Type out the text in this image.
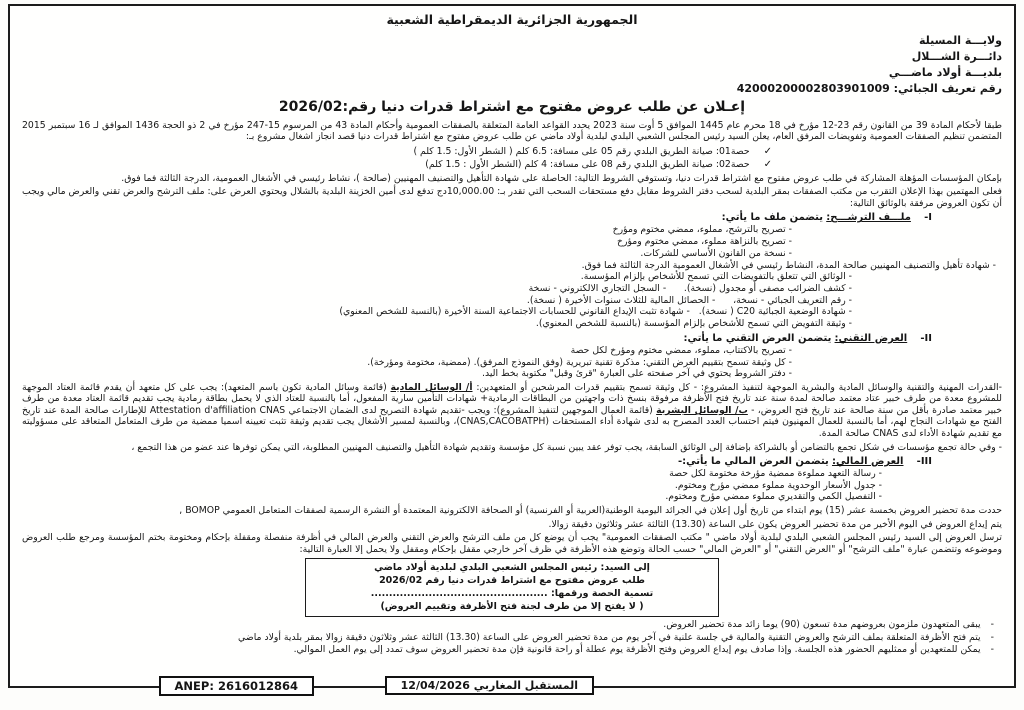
الجمهورية الجزائرية الديمقراطية الشعبية
ولايـــة المسيلة
دائـــرة الشـــلال
بلديـــة أولاد ماضـــي
رقم تعريف الجبائي: 42000200002803901009
إعـلان عن طلب عروض مفتوح مع اشتراط قدرات دنيا رقم:2026/02

طبقا لأحكام المادة 39 من القانون رقم 23-12 مؤرخ في 18 محرم عام 1445 الموافق 5 أوت سنة 2023 يحدد القواعد العامة المتعلقة بالصفقات العمومية وأحكام المادة 43 من المرسوم 15-247 مؤرخ في 2 ذو الحجة 1436 الموافق لـ 16 سبتمبر 2015 المتضمن تنظيم الصفقات العمومية وتفويضات المرفق العام، يعلن السيد رئيس المجلس الشعبي البلدي لبلدية أولاد ماضي عن طلب عروض مفتوح مع اشتراط قدرات دنيا قصد انجاز اشغال مشروع بـ:

✓حصة01: صيانة الطريق البلدي رقم 05 على مسافة: 6.5 كلم ( الشطر الأول: 1.5 كلم )
✓حصة02: صيانة الطريق البلدي رقم 08 على مسافة: 4 كلم (الشطر الأول : 1.5 كلم)

بإمكان المؤسسات المؤهلة المشاركة في طلب عروض مفتوح مع اشتراط قدرات دنيا، وتستوفي الشروط التالية: الحاصلة على شهادة التأهيل والتصنيف المهنيين (صالحة )، نشاط رئيسي في الأشغال العمومية، الدرجة الثالثة فما فوق.

فعلى المهتمين بهذا الإعلان التقرب من مكتب الصفقات بمقر البلدية لسحب دفتر الشروط مقابل دفع مستحقات السحب التي تقدر بـ: 10,000.00دج تدفع لدى أمين الخزينة البلدية بالشلال ويحتوي العرض على: ملف الترشح والعرض تقني والعرض مالي ويجب أن تكون العروض مرفقة بالوثائق التالية:

I- ملـــف الترشـــح: يتضمن ملف ما يأتي:
- تصريح بالترشح، مملوء، ممضي مختوم ومؤرخ
- تصريح بالنزاهة مملوء، ممضي مختوم ومؤرخ
- نسخة من القانون الأساسي للشركات.
- شهادة تأهيل والتصنيف المهنيين صالحة المدة، النشاط رئيسي في الأشغال العمومية الدرجة الثالثة فما فوق.
- الوثائق التي تتعلق بالتفويضات التي تسمح للأشخاص بإلزام المؤسسة.
- كشف الضرائب مصفى أو مجدول (نسخة).      - السجل التجاري الالكتروني - نسخة
- رقم التعريف الجبائي - نسخة،      - الحصائل المالية للثلاث سنوات الأخيرة ( نسخة).
- شهادة الوضعية الجبائية C20 ( نسخة).   - شهادة تثبت الإيداع القانوني للحسابات الاجتماعية السنة الأخيرة (بالنسبة للشخص المعنوي)
- وثيقة التفويض التي تسمح للأشخاص بإلزام المؤسسة (بالنسبة للشخص المعنوي).
II- العرض التقني: يتضمن العرض التقني ما يأتي:
- تصريح بالاكتتاب، مملوء، ممضي مختوم ومؤرخ لكل حصة
- كل وثيقة تسمح بتقييم العرض التقني: مذكرة تقنية تبريرية (وفق النموذج المرفق). (ممضية، مختومة ومؤرخة).
- دفتر الشروط يحتوي في آخر صفحته على العبارة "قرئ وقبل" مكتوبة بخط اليد.

-القدرات المهنية والتقنية والوسائل المادية والبشرية الموجهة لتنفيذ المشروع: - كل وثيقة تسمح بتقييم قدرات المرشحين أو المتعهدين: أ/ الوسائل المادية (قائمة وسائل المادية تكون باسم المتعهد): يجب على كل متعهد أن يقدم قائمة العتاد الموجهة للمشروع معدة من طرف خبير عتاد معتمد صالحة لمدة سنة عند تاريخ فتح الأظرفة مرفوقة بنسخ ذات واجهتين من البطاقات الرمادية+ شهادات التأمين سارية المفعول، أما بالنسبة للعتاد الذي لا يحمل بطاقة رمادية يجب تقديم قائمة العتاد معدة من طرف خبير معتمد صادرة بأقل من سنة صالحة عند تاريخ فتح العروض، - ب/ الوسائل البشرية (قائمة العمال الموجهين لتنفيذ المشروع): ويجب -تقديم شهادة التصريح لدى الضمان الاجتماعي Attestation d'affiliation CNAS للإطارات صالحة المدة عند تاريخ الفتح مع شهادات النجاح لهم، أما بالنسبة للعمال المهنيون فيتم احتساب العدد المصرح به لدى شهادة أداء المستحقات (CNAS,CACOBATPH)، وبالنسبة لمسير الأشغال يجب تقديم وثيقة تثبت تعيينه اسميا ممضية من طرف المتعامل المتعاقد على مسؤوليته مع تقديم شهادة الأداء لدى CNAS صالحة المدة.

- وفي حالة تجمع مؤسسات في شكل تجمع بالتضامن أو بالشراكة بإضافة إلى الوثائق السابقة، يجب توفر عقد يبين نسبة كل مؤسسة وتقديم شهادة التأهيل والتصنيف المهنيين المطلوبة، التي يمكن توفرها عند عضو من هذا التجمع ،

III- العرض المالي: يتضمن العرض المالي ما يأتي:-
- رسالة التعهد مملوءة ممضية مؤرخة مختومة لكل حصة
- جدول الأسعار الوحدوية مملوء ممضي مؤرخ ومختوم.
- التفصيل الكمي والتقديري مملوء ممضي مؤرخ ومختوم.

حددت مدة تحضير العروض بخمسة عشر (15) يوم ابتداء من تاريخ أول إعلان في الجرائد اليومية الوطنية(العربية أو الفرنسية) أو الصحافة الالكترونية المعتمدة أو النشرة الرسمية لصفقات المتعامل العمومي BOMOP ,

يتم إيداع العروض في اليوم الأخير من مدة تحضير العروض يكون على الساعة (13.30) الثالثة عشر وثلاثون دقيقة زوالا.

ترسل العروض إلى السيد رئيس المجلس الشعبي البلدي لبلدية أولاد ماضي " مكتب الصفقات العمومية" يجب أن يوضع كل من ملف الترشح والعرض التقني والعرض المالي في أظرفة منفصلة ومقفلة بإحكام ومختومة بختم المؤسسة ومرجع طلب العروض وموضوعه وتتضمن عبارة "ملف الترشح" أو "العرض التقني" أو "العرض المالي" حسب الحالة وتوضع هذه الأظرفة في ظرف آخر خارجي مقفل بإحكام ومقفل ولا يحمل إلا العبارة التالية:

إلى السيد: رئيس المجلس الشعبي البلدي لبلدية أولاد ماضي
طلب عروض مفتوح مع اشتراط قدرات دنيا رقم 2026/02
تسمية الحصة ورقمها: .................................................
( لا يفتح إلا من طرف لجنة فتح الأظرفة وتقييم العروض)
-يبقى المتعهدون ملزمون بعروضهم مدة تسعون (90) يوما زائد مدة تحضير العروض.
-يتم فتح الأظرفة المتعلقة بملف الترشح والعروض التقنية والمالية في جلسة علنية في آخر يوم من مدة تحضير العروض على الساعة (13.30) الثالثة عشر وثلاثون دقيقة زوالا بمقر بلدية أولاد ماضي
-يمكن للمتعهدين أو ممثليهم الحضور هذه الجلسة. وإذا صادف يوم إيداع العروض وفتح الأظرفة يوم عطلة أو راحة قانونية فإن مدة تحضير العروض سوف تمدد إلى يوم العمل الموالي.
ANEP: 2616012864	المستقبل المغاربي 12/04/2026
